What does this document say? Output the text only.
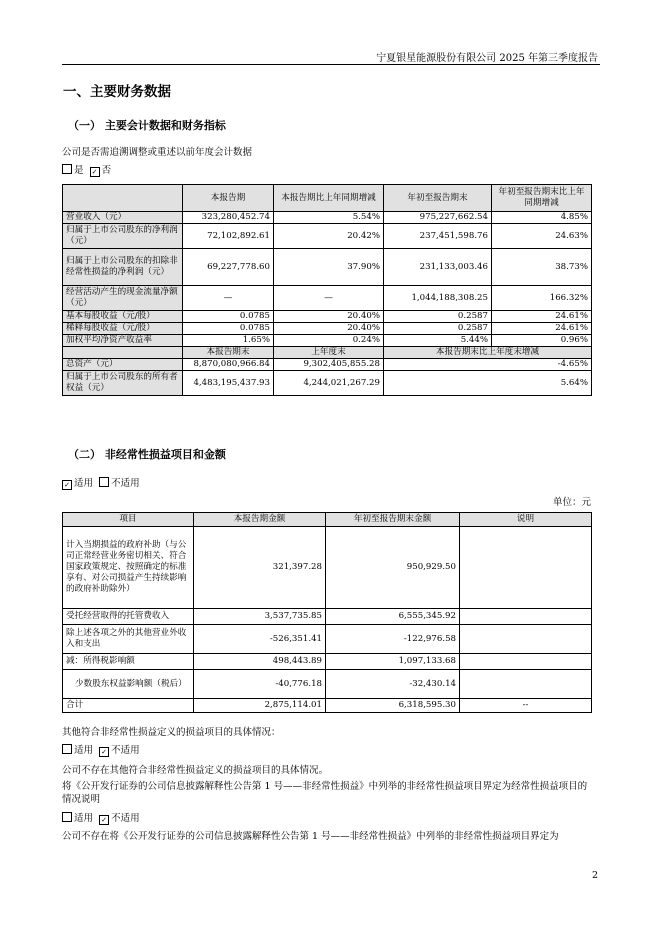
宁夏银星能源股份有限公司 2025 年第三季度报告
一、主要财务数据
（一） 主要会计数据和财务指标
公司是否需追溯调整或重述以前年度会计数据
是 ✓ 否
	本报告期	本报告期比上年同期增减	年初至报告期末	年初至报告期末比上年同期增减
营业收入（元）	323,280,452.74	5.54%	975,227,662.54	4.85%
归属于上市公司股东的净利润（元）	72,102,892.61	20.42%	237,451,598.76	24.63%
归属于上市公司股东的扣除非经常性损益的净利润（元）	69,227,778.60	37.90%	231,133,003.46	38.73%
经营活动产生的现金流量净额（元）	—	—	1,044,188,308.25	166.32%
基本每股收益（元/股）	0.0785	20.40%	0.2587	24.61%
稀释每股收益（元/股）	0.0785	20.40%	0.2587	24.61%
加权平均净资产收益率	1.65%	0.24%	5.44%	0.96%
	本报告期末	上年度末	本报告期末比上年度末增减	
总资产（元）	8,870,080,966.84	9,302,405,855.28	-4.65%	
归属于上市公司股东的所有者权益（元）	4,483,195,437.93	4,244,021,267.29	5.64%	
（二） 非经常性损益项目和金额
✓ 适用 不适用
单位：元
项目	本报告期金额	年初至报告期末金额	说明
计入当期损益的政府补助（与公司正常经营业务密切相关、符合国家政策规定、按照确定的标准享有、对公司损益产生持续影响的政府补助除外）	321,397.28	950,929.50	
受托经营取得的托管费收入	3,537,735.85	6,555,345.92	
除上述各项之外的其他营业外收入和支出	-526,351.41	-122,976.58	
减：所得税影响额	498,443.89	1,097,133.68	
少数股东权益影响额（税后）	-40,776.18	-32,430.14	
合计	2,875,114.01	6,318,595.30	--
其他符合非经常性损益定义的损益项目的具体情况：
适用 ✓ 不适用
公司不存在其他符合非经常性损益定义的损益项目的具体情况。
将《公开发行证券的公司信息披露解释性公告第 1 号——非经常性损益》中列举的非经常性损益项目界定为经常性损益项目的情况说明
适用 ✓ 不适用
公司不存在将《公开发行证券的公司信息披露解释性公告第 1 号——非经常性损益》中列举的非经常性损益项目界定为
2
